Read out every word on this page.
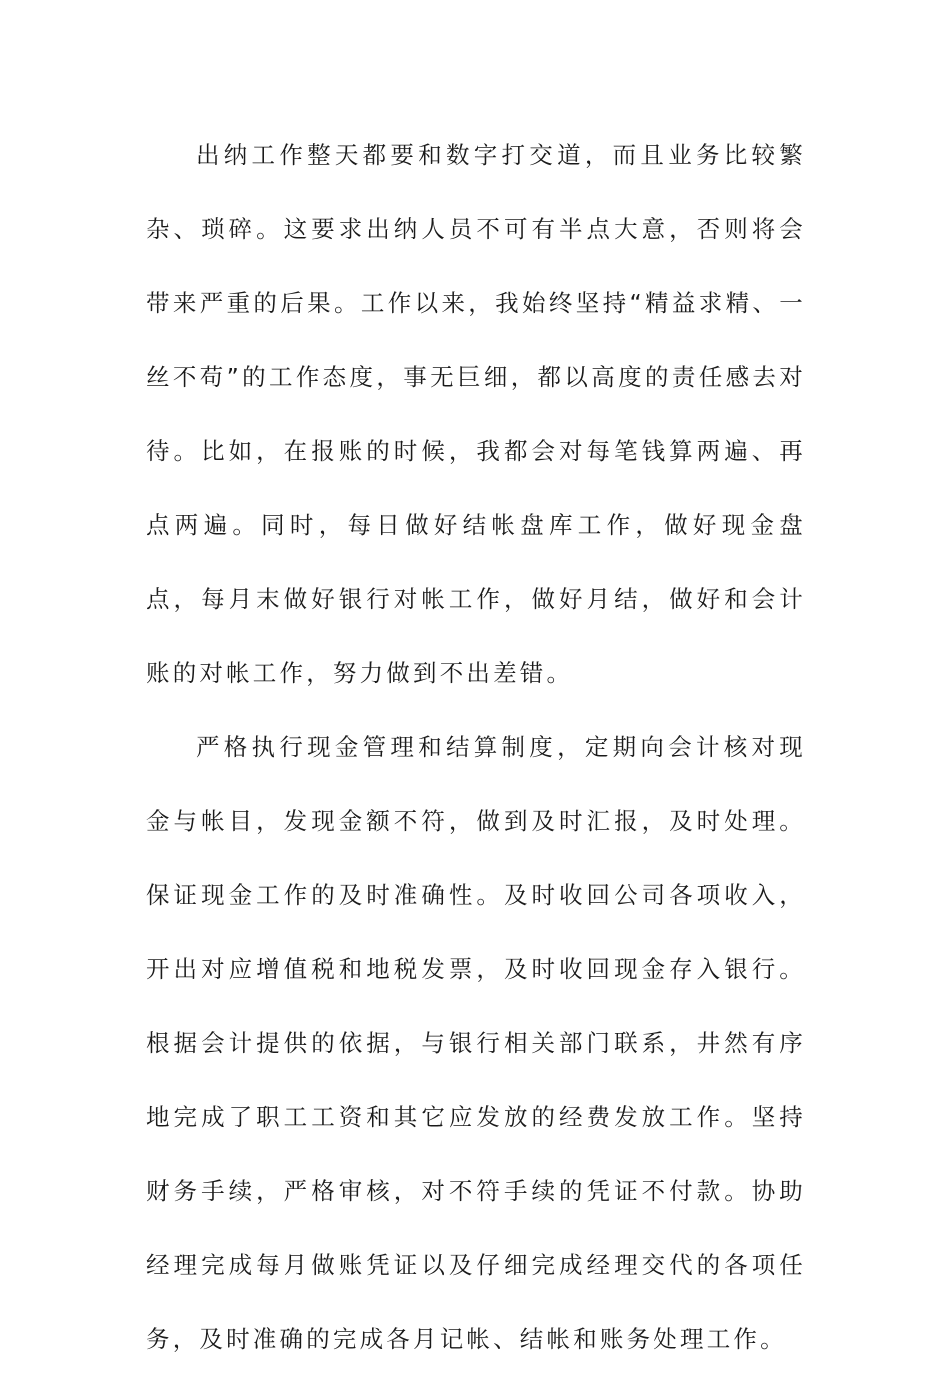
出纳工作整天都要和数字打交道，而且业务比较繁杂、琐碎。这要求出纳人员不可有半点大意，否则将会带来严重的后果。工作以来，我始终坚持“精益求精、一丝不苟”的工作态度，事无巨细，都以高度的责任感去对待。比如，在报账的时候，我都会对每笔钱算两遍、再点两遍。同时，每日做好结帐盘库工作，做好现金盘点，每月末做好银行对帐工作，做好月结，做好和会计账的对帐工作，努力做到不出差错。

严格执行现金管理和结算制度，定期向会计核对现金与帐目，发现金额不符，做到及时汇报，及时处理。保证现金工作的及时准确性。及时收回公司各项收入，开出对应增值税和地税发票，及时收回现金存入银行。根据会计提供的依据，与银行相关部门联系，井然有序地完成了职工工资和其它应发放的经费发放工作。坚持财务手续，严格审核，对不符手续的凭证不付款。协助经理完成每月做账凭证以及仔细完成经理交代的各项任务，及时准确的完成各月记帐、结帐和账务处理工作。
